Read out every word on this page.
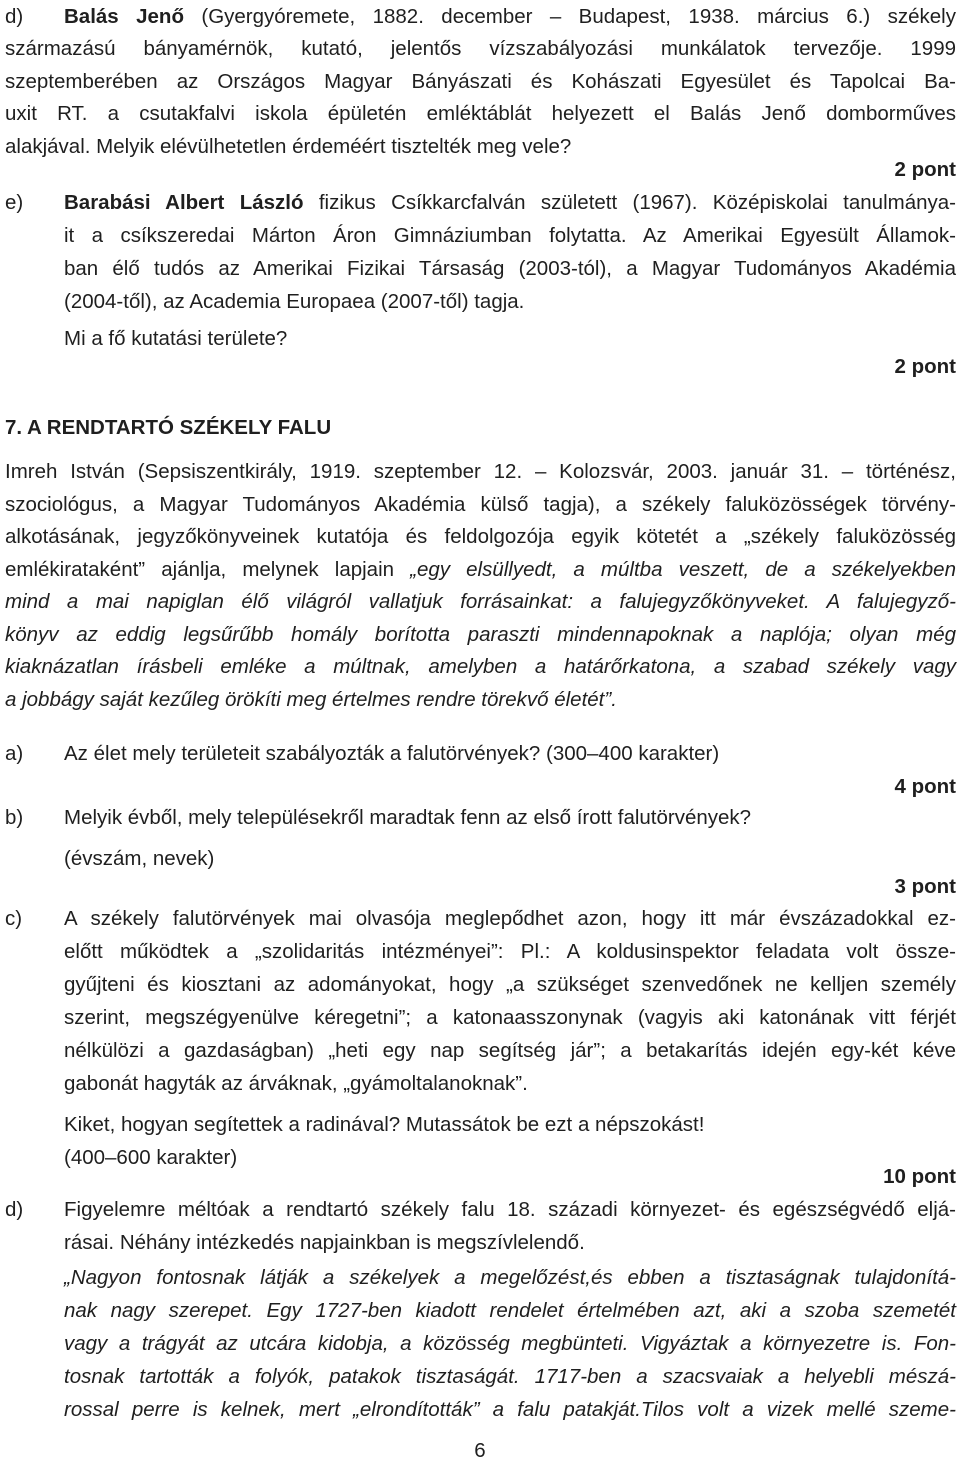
d) Balás Jenő (Gyergyóremete, 1882. december – Budapest, 1938. március 6.) székely
származású bányamérnök, kutató, jelentős vízszabályozási munkálatok tervezője. 1999
szeptemberében az Országos Magyar Bányászati és Kohászati Egyesület és Tapolcai Ba-
uxit RT. a csutakfalvi iskola épületén emléktáblát helyezett el Balás Jenő domborműves
alakjával. Melyik elévülhetetlen érdeméért tisztelték meg vele?
2 pont
e) Barabási Albert László fizikus Csíkkarcfalván született (1967). Középiskolai tanulmánya-
it a csíkszeredai Márton Áron Gimnáziumban folytatta. Az Amerikai Egyesült Államok-
ban élő tudós az Amerikai Fizikai Társaság (2003-tól), a Magyar Tudományos Akadémia
(2004-től), az Academia Europaea (2007-től) tagja.
Mi a fő kutatási területe?
2 pont
7. A RENDTARTÓ SZÉKELY FALU
Imreh István (Sepsiszentkirály, 1919. szeptember 12. – Kolozsvár, 2003. január 31. – történész,
szociológus, a Magyar Tudományos Akadémia külső tagja), a székely faluközösségek törvény-
alkotásának, jegyzőkönyveinek kutatója és feldolgozója egyik kötetét a „székely faluközösség
emlékirataként” ajánlja, melynek lapjain „egy elsüllyedt, a múltba veszett, de a székelyekben
mind a mai napiglan élő világról vallatjuk forrásainkat: a falujegyzőkönyveket. A falujegyző-
könyv az eddig legsűrűbb homály borította paraszti mindennapoknak a naplója; olyan még
kiaknázatlan írásbeli emléke a múltnak, amelyben a határőrkatona, a szabad székely vagy
a jobbágy saját kezűleg örökíti meg értelmes rendre törekvő életét”.
a) Az élet mely területeit szabályozták a falutörvények? (300–400 karakter)
4 pont
b) Melyik évből, mely településekről maradtak fenn az első írott falutörvények?
(évszám, nevek)
3 pont
c) A székely falutörvények mai olvasója meglepődhet azon, hogy itt már évszázadokkal ez-
előtt működtek a „szolidaritás intézményei”: Pl.: A koldusinspektor feladata volt össze-
gyűjteni és kiosztani az adományokat, hogy „a szükséget szenvedőnek ne kelljen személy
szerint, megszégyenülve kéregetni”; a katonaasszonynak (vagyis aki katonának vitt férjét
nélkülözi a gazdaságban) „heti egy nap segítség jár”; a betakarítás idején egy-két kéve
gabonát hagyták az árváknak, „gyámoltalanoknak”.
Kiket, hogyan segítettek a radinával? Mutassátok be ezt a népszokást!
(400–600 karakter)
10 pont
d) Figyelemre méltóak a rendtartó székely falu 18. századi környezet- és egészségvédő eljá-
rásai. Néhány intézkedés napjainkban is megszívlelendő.
„Nagyon fontosnak látják a székelyek a megelőzést,és ebben a tisztaságnak tulajdonítá-
nak nagy szerepet. Egy 1727-ben kiadott rendelet értelmében azt, aki a szoba szemetét
vagy a trágyát az utcára kidobja, a közösség megbünteti. Vigyáztak a környezetre is. Fon-
tosnak tartották a folyók, patakok tisztaságát. 1717-ben a szacsvaiak a helyebli mészá-
rossal perre is kelnek, mert „elrondították” a falu patakját.Tilos volt a vizek mellé szeme-
6
